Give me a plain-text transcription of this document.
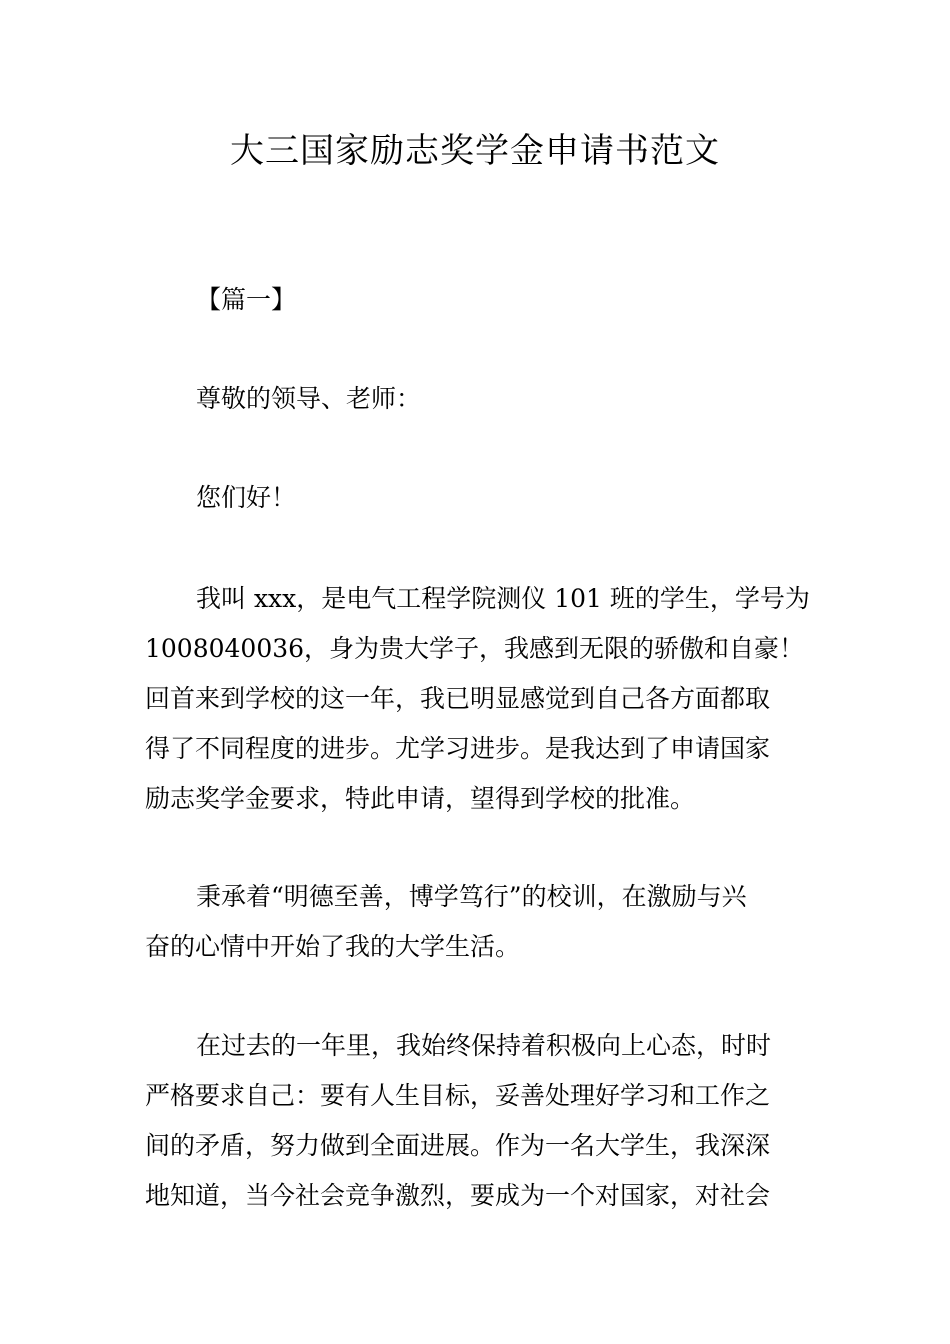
大三国家励志奖学金申请书范文

【篇一】

尊敬的领导、老师：

您们好！

我叫 xxx，是电气工程学院测仪 101 班的学生，学号为

1008040036，身为贵大学子，我感到无限的骄傲和自豪！

回首来到学校的这一年，我已明显感觉到自己各方面都取

得了不同程度的进步。尤学习进步。是我达到了申请国家

励志奖学金要求，特此申请，望得到学校的批准。

秉承着“明德至善，博学笃行”的校训，在激励与兴

奋的心情中开始了我的大学生活。

在过去的一年里，我始终保持着积极向上心态，时时

严格要求自己：要有人生目标，妥善处理好学习和工作之

间的矛盾，努力做到全面进展。作为一名大学生，我深深

地知道，当今社会竞争激烈，要成为一个对国家，对社会
